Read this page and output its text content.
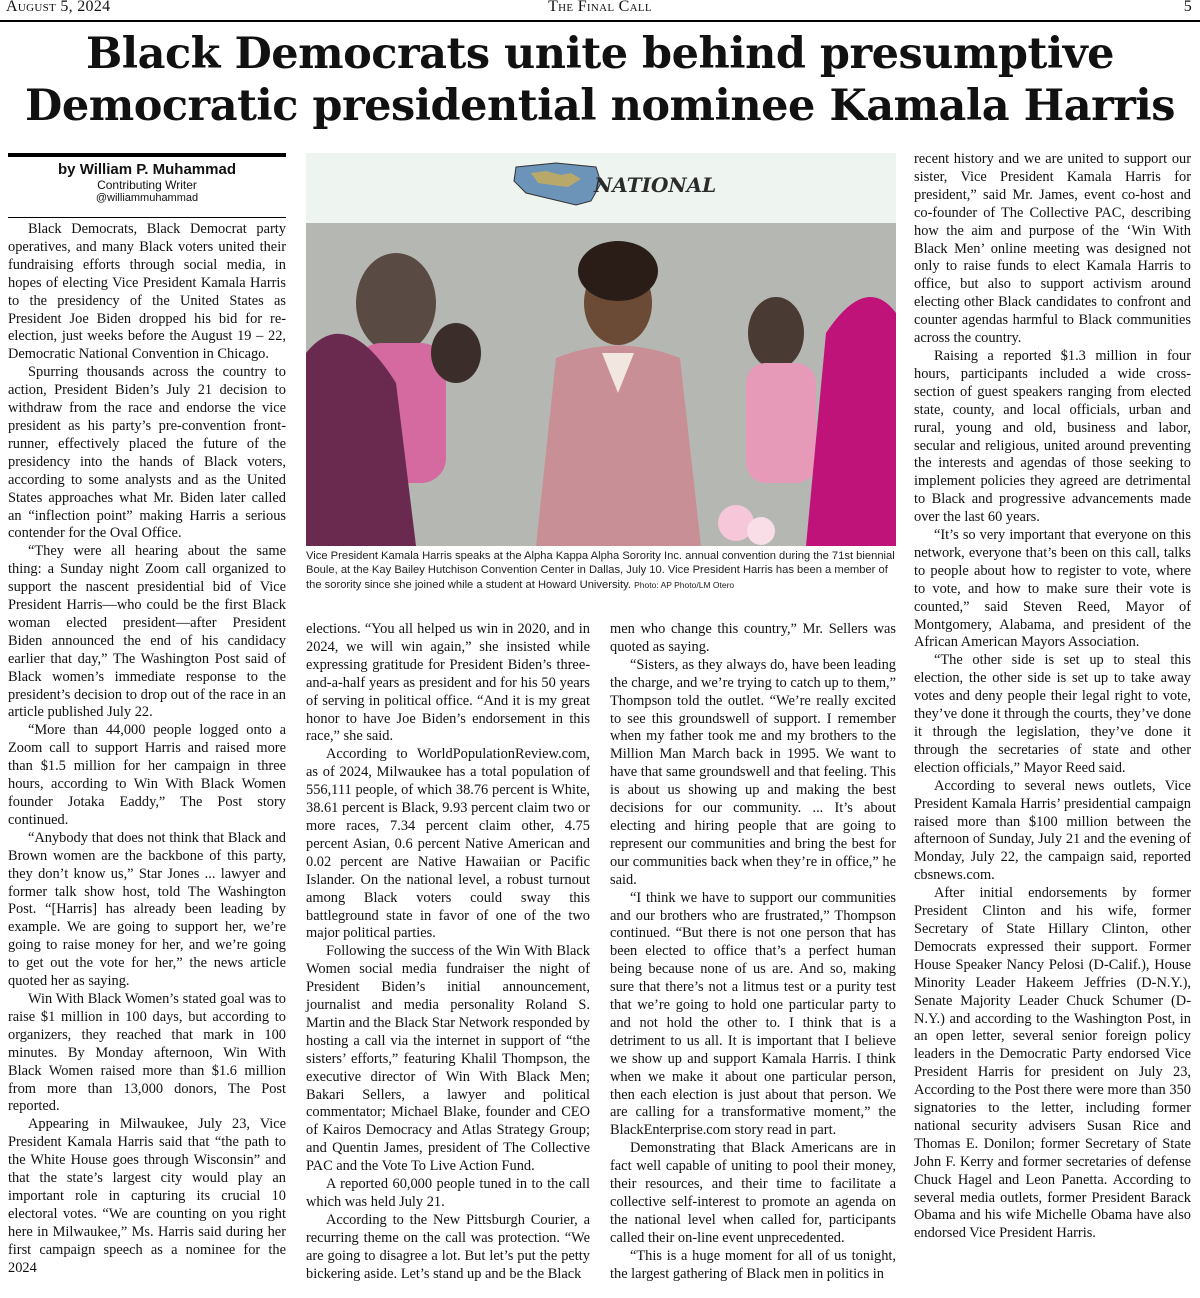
August 5, 2024	The Final Call	5
Black Democrats unite behind presumptive
Democratic presidential nominee Kamala Harris
by William P. Muhammad
Contributing Writer
@williammuhammad

Black Democrats, Black Democrat party operatives, and many Black voters united their fundraising efforts through social media, in hopes of electing Vice President Kamala Harris to the presidency of the United States as President Joe Biden dropped his bid for re-election, just weeks before the August 19 – 22, Democratic National Convention in Chicago.

Spurring thousands across the country to action, President Biden’s July 21 decision to withdraw from the race and endorse the vice president as his party’s pre-convention front-runner, effectively placed the future of the presidency into the hands of Black voters, according to some analysts and as the United States approaches what Mr. Biden later called an “inflection point” making Harris a serious contender for the Oval Office.

“They were all hearing about the same thing: a Sunday night Zoom call organized to support the nascent presidential bid of Vice President Harris—who could be the first Black woman elected president—after President Biden announced the end of his candidacy earlier that day,” The Washington Post said of Black women’s immediate response to the president’s decision to drop out of the race in an article published July 22.

“More than 44,000 people logged onto a Zoom call to support Harris and raised more than $1.5 million for her campaign in three hours, according to Win With Black Women founder Jotaka Eaddy,” The Post story continued.

“Anybody that does not think that Black and Brown women are the backbone of this party, they don’t know us,” Star Jones ... lawyer and former talk show host, told The Washington Post. “[Harris] has already been leading by example. We are going to support her, we’re going to raise money for her, and we’re going to get out the vote for her,” the news article quoted her as saying.

Win With Black Women’s stated goal was to raise $1 million in 100 days, but according to organizers, they reached that mark in 100 minutes. By Monday afternoon, Win With Black Women raised more than $1.6 million from more than 13,000 donors, The Post reported.

Appearing in Milwaukee, July 23, Vice President Kamala Harris said that “the path to the White House goes through Wisconsin” and that the state’s largest city would play an important role in capturing its crucial 10 electoral votes. “We are counting on you right here in Milwaukee,” Ms. Harris said during her first campaign speech as a nominee for the 2024

elections. “You all helped us win in 2020, and in 2024, we will win again,” she insisted while expressing gratitude for President Biden’s three-and-a-half years as president and for his 50 years of serving in political office. “And it is my great honor to have Joe Biden’s endorsement in this race,” she said.

According to WorldPopulationReview.com, as of 2024, Milwaukee has a total population of 556,111 people, of which 38.76 percent is White, 38.61 percent is Black, 9.93 percent claim two or more races, 7.34 percent claim other, 4.75 percent Asian, 0.6 percent Native American and 0.02 percent are Native Hawaiian or Pacific Islander. On the national level, a robust turnout among Black voters could sway this battleground state in favor of one of the two major political parties.

Following the success of the Win With Black Women social media fundraiser the night of President Biden’s initial announcement, journalist and media personality Roland S. Martin and the Black Star Network responded by hosting a call via the internet in support of “the sisters’ efforts,” featuring Khalil Thompson, the executive director of Win With Black Men; Bakari Sellers, a lawyer and political commentator; Michael Blake, founder and CEO of Kairos Democracy and Atlas Strategy Group; and Quentin James, president of The Collective PAC and the Vote To Live Action Fund.

A reported 60,000 people tuned in to the call which was held July 21.

According to the New Pittsburgh Courier, a recurring theme on the call was protection. “We are going to disagree a lot. But let’s put the petty bickering aside. Let’s stand up and be the Black

men who change this country,” Mr. Sellers was quoted as saying.

“Sisters, as they always do, have been leading the charge, and we’re trying to catch up to them,” Thompson told the outlet. “We’re really excited to see this groundswell of support. I remember when my father took me and my brothers to the Million Man March back in 1995. We want to have that same groundswell and that feeling. This is about us showing up and making the best decisions for our community. ... It’s about electing and hiring people that are going to represent our communities and bring the best for our communities back when they’re in office,” he said.

“I think we have to support our communities and our brothers who are frustrated,” Thompson continued. “But there is not one person that has been elected to office that’s a perfect human being because none of us are. And so, making sure that there’s not a litmus test or a purity test that we’re going to hold one particular party to and not hold the other to. I think that is a detriment to us all. It is important that I believe we show up and support Kamala Harris. I think when we make it about one particular person, then each election is just about that person. We are calling for a transformative moment,” the BlackEnterprise.com story read in part.

Demonstrating that Black Americans are in fact well capable of uniting to pool their money, their resources, and their time to facilitate a collective self-interest to promote an agenda on the national level when called for, participants called their on-line event unprecedented.

“This is a huge moment for all of us tonight, the largest gathering of Black men in politics in

recent history and we are united to support our sister, Vice President Kamala Harris for president,” said Mr. James, event co-host and co-founder of The Collective PAC, describing how the aim and purpose of the ‘Win With Black Men’ online meeting was designed not only to raise funds to elect Kamala Harris to office, but also to support activism around electing other Black candidates to confront and counter agendas harmful to Black communities across the country.

Raising a reported $1.3 million in four hours, participants included a wide cross-section of guest speakers ranging from elected state, county, and local officials, urban and rural, young and old, business and labor, secular and religious, united around preventing the interests and agendas of those seeking to implement policies they agreed are detrimental to Black and progressive advancements made over the last 60 years.

“It’s so very important that everyone on this network, everyone that’s been on this call, talks to people about how to register to vote, where to vote, and how to make sure their vote is counted,” said Steven Reed, Mayor of Montgomery, Alabama, and president of the African American Mayors Association.

“The other side is set up to steal this election, the other side is set up to take away votes and deny people their legal right to vote, they’ve done it through the courts, they’ve done it through the legislation, they’ve done it through the secretaries of state and other election officials,” Mayor Reed said.

According to several news outlets, Vice President Kamala Harris’ presidential campaign raised more than $100 million between the afternoon of Sunday, July 21 and the evening of Monday, July 22, the campaign said, reported cbsnews.com.

After initial endorsements by former President Clinton and his wife, former Secretary of State Hillary Clinton, other Democrats expressed their support. Former House Speaker Nancy Pelosi (D-Calif.), House Minority Leader Hakeem Jeffries (D-N.Y.), Senate Majority Leader Chuck Schumer (D-N.Y.) and according to the Washington Post, in an open letter, several senior foreign policy leaders in the Democratic Party endorsed Vice President Harris for president on July 23, According to the Post there were more than 350 signatories to the letter, including former national security advisers Susan Rice and Thomas E. Donilon; former Secretary of State John F. Kerry and former secretaries of defense Chuck Hagel and Leon Panetta. According to several media outlets, former President Barack Obama and his wife Michelle Obama have also endorsed Vice President Harris.

NATIONAL
Vice President Kamala Harris speaks at the Alpha Kappa Alpha Sorority Inc. annual convention during the 71st biennial Boule, at the Kay Bailey Hutchison Convention Center in Dallas, July 10. Vice President Harris has been a member of the sorority since she joined while a student at Howard University. Photo: AP Photo/LM Otero
